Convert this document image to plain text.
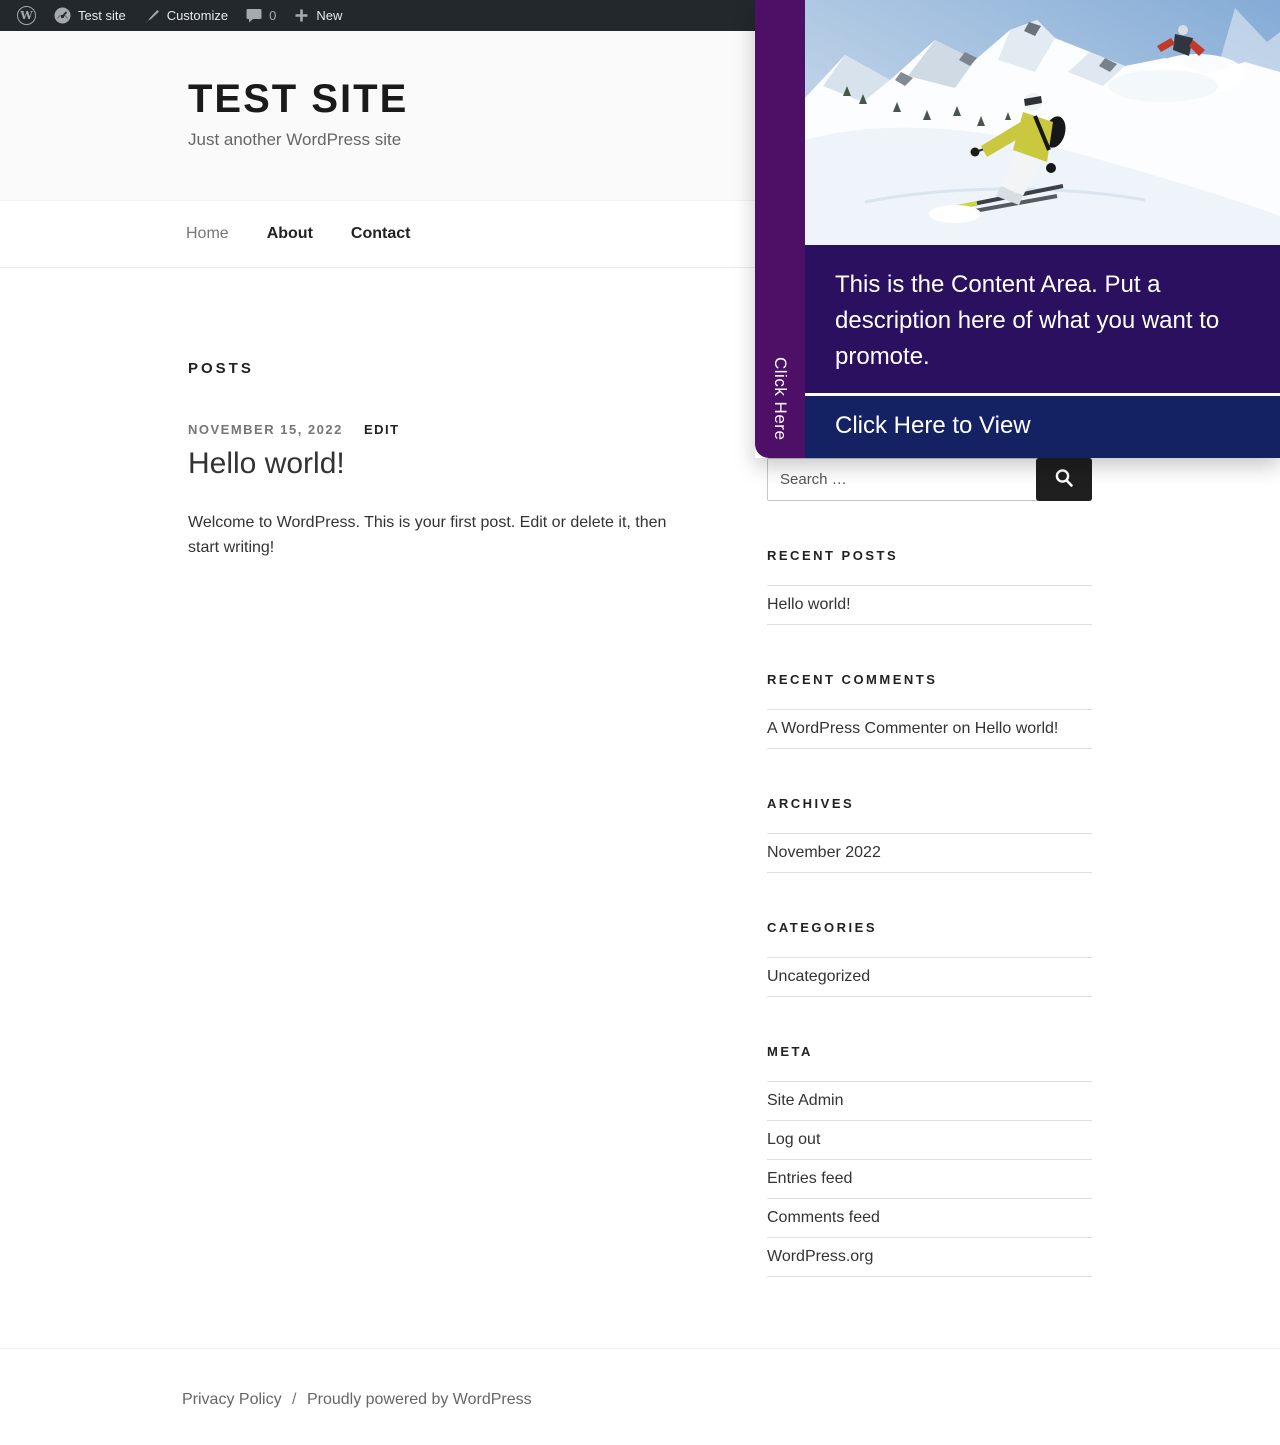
W	Test site	Customize	0	New
TEST SITE

Just another WordPress site

Home About Contact
POSTS
NOVEMBER 15, 2022 EDIT
Hello world!

Welcome to WordPress. This is your first post. Edit or delete it, then start writing!

Search …	RECENT POSTS
Hello world!
RECENT COMMENTS
A WordPress Commenter on Hello world!
ARCHIVES
November 2022
CATEGORIES
Uncategorized
META
Site Admin
Log out
Entries feed
Comments feed
WordPress.org
Privacy Policy / Proudly powered by WordPress
Click Here
This is the Content Area. Put a description here of what you want to promote.
Click Here to View
